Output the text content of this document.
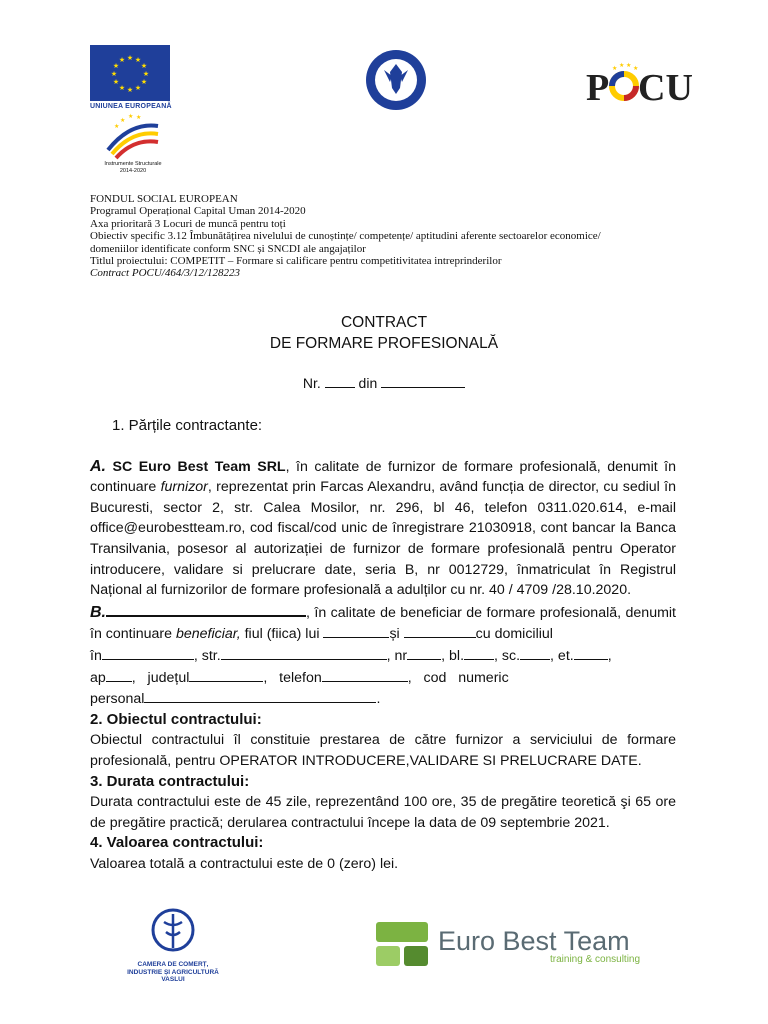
★ ★
★
★
★
★
★
★
★
★
★
★
UNIUNEA EUROPEANĂ
★
★ ★
★
Instrumente Structurale
2014-2020
P CU
★ ★ ★ ★
FONDUL SOCIAL EUROPEAN
Programul Operațional Capital Uman 2014-2020
Axa prioritară 3 Locuri de muncă pentru toți
Obiectiv specific 3.12 Îmbunătățirea nivelului de cunoștințe/ competențe/ aptitudini aferente sectoarelor economice/
domeniilor identificate conform SNC și SNCDI ale angajaților
Titlul proiectului: COMPETIT – Formare si calificare pentru competitivitatea intreprinderilor
Contract POCU/464/3/12/128223
CONTRACT
DE FORMARE PROFESIONALĂ
Nr.	din

1. Părțile contractante:

A. SC Euro Best Team SRL, în calitate de furnizor de formare profesională, denumit în continuare furnizor, reprezentat prin Farcas Alexandru, având funcția de director, cu sediul în Bucuresti, sector 2, str. Calea Mosilor, nr. 296, bl 46, telefon 0311.020.614, e-mail office@eurobestteam.ro, cod fiscal/cod unic de înregistrare 21030918, cont bancar la Banca Transilvania, posesor al autorizației de furnizor de formare profesională pentru Operator introducere, validare si prelucrare date, seria B, nr 0012729, înmatriculat în Registrul Național al furnizorilor de formare profesională a adulților cu nr. 40 / 4709 /28.10.2020.

B.	, în calitate de beneficiar de formare profesională, denumit în continuare beneficiar, fiul (fiica) lui	și	cu domiciliul
în	, str.	, nr , bl. , sc. , et. ,
ap ,   județul	,   telefon	,   cod   numeric
personal	.

2. Obiectul contractului:

Obiectul contractului îl constituie prestarea de către furnizor a serviciului de formare profesională, pentru OPERATOR INTRODUCERE,VALIDARE SI PRELUCRARE DATE.

3. Durata contractului:

Durata contractului este de 45 zile, reprezentând 100 ore, 35 de pregătire teoretică şi 65 ore de pregătire practică; derularea contractului începe la data de 09 septembrie 2021.

4. Valoarea contractului:

Valoarea totală a contractului este de 0 (zero) lei.

CAMERA DE COMERȚ,
INDUSTRIE ȘI AGRICULTURĂ
VASLUI
Euro Best Team
training & consulting
